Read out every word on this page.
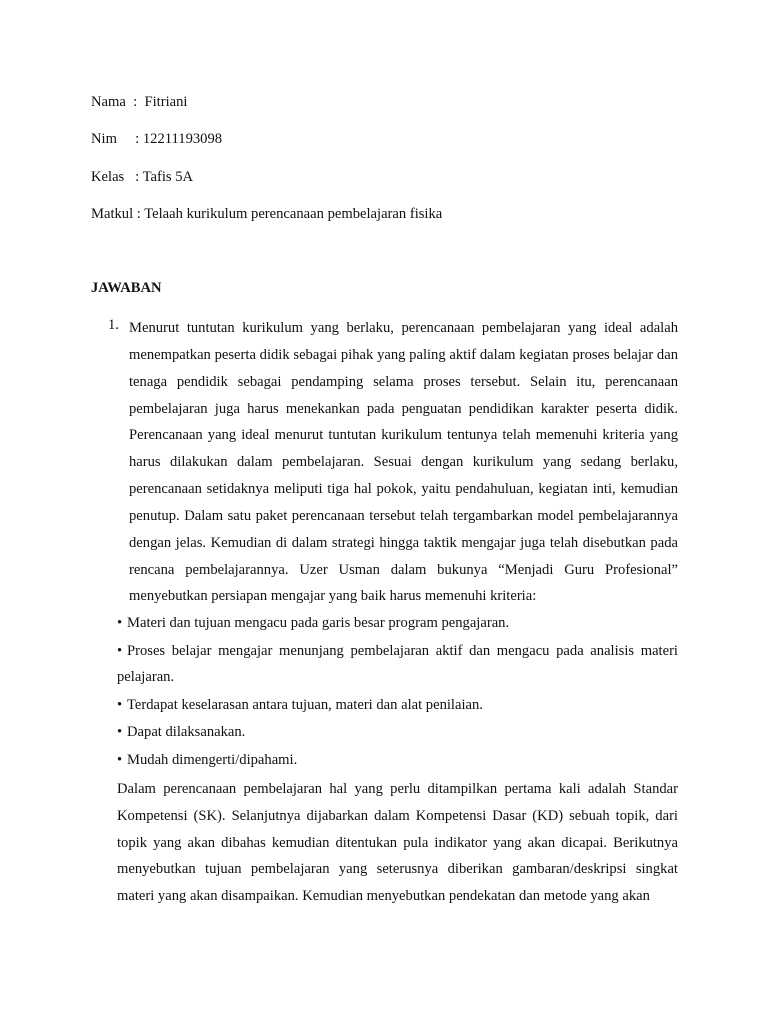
Nama  :  Fitriani
Nim     : 12211193098
Kelas   : Tafis 5A
Matkul : Telaah kurikulum perencanaan pembelajaran fisika
JAWABAN
1. Menurut tuntutan kurikulum yang berlaku, perencanaan pembelajaran yang ideal adalah menempatkan peserta didik sebagai pihak yang paling aktif dalam kegiatan proses belajar dan tenaga pendidik sebagai pendamping selama proses tersebut. Selain itu, perencanaan pembelajaran juga harus menekankan pada penguatan pendidikan karakter peserta didik. Perencanaan yang ideal menurut tuntutan kurikulum tentunya telah memenuhi kriteria yang harus dilakukan dalam pembelajaran. Sesuai dengan kurikulum yang sedang berlaku, perencanaan setidaknya meliputi tiga hal pokok, yaitu pendahuluan, kegiatan inti, kemudian penutup. Dalam satu paket perencanaan tersebut telah tergambarkan model pembelajarannya dengan jelas. Kemudian di dalam strategi hingga taktik mengajar juga telah disebutkan pada rencana pembelajarannya. Uzer Usman dalam bukunya “Menjadi Guru Profesional” menyebutkan persiapan mengajar yang baik harus memenuhi kriteria:

• Materi dan tujuan mengacu pada garis besar program pengajaran.
• Proses belajar mengajar menunjang pembelajaran aktif dan mengacu pada analisis materi pelajaran.
• Terdapat keselarasan antara tujuan, materi dan alat penilaian.
• Dapat dilaksanakan.
• Mudah dimengerti/dipahami.

Dalam perencanaan pembelajaran hal yang perlu ditampilkan pertama kali adalah Standar Kompetensi (SK). Selanjutnya dijabarkan dalam Kompetensi Dasar (KD) sebuah topik, dari topik yang akan dibahas kemudian ditentukan pula indikator yang akan dicapai. Berikutnya menyebutkan tujuan pembelajaran yang seterusnya diberikan gambaran/deskripsi singkat materi yang akan disampaikan. Kemudian menyebutkan pendekatan dan metode yang akan
